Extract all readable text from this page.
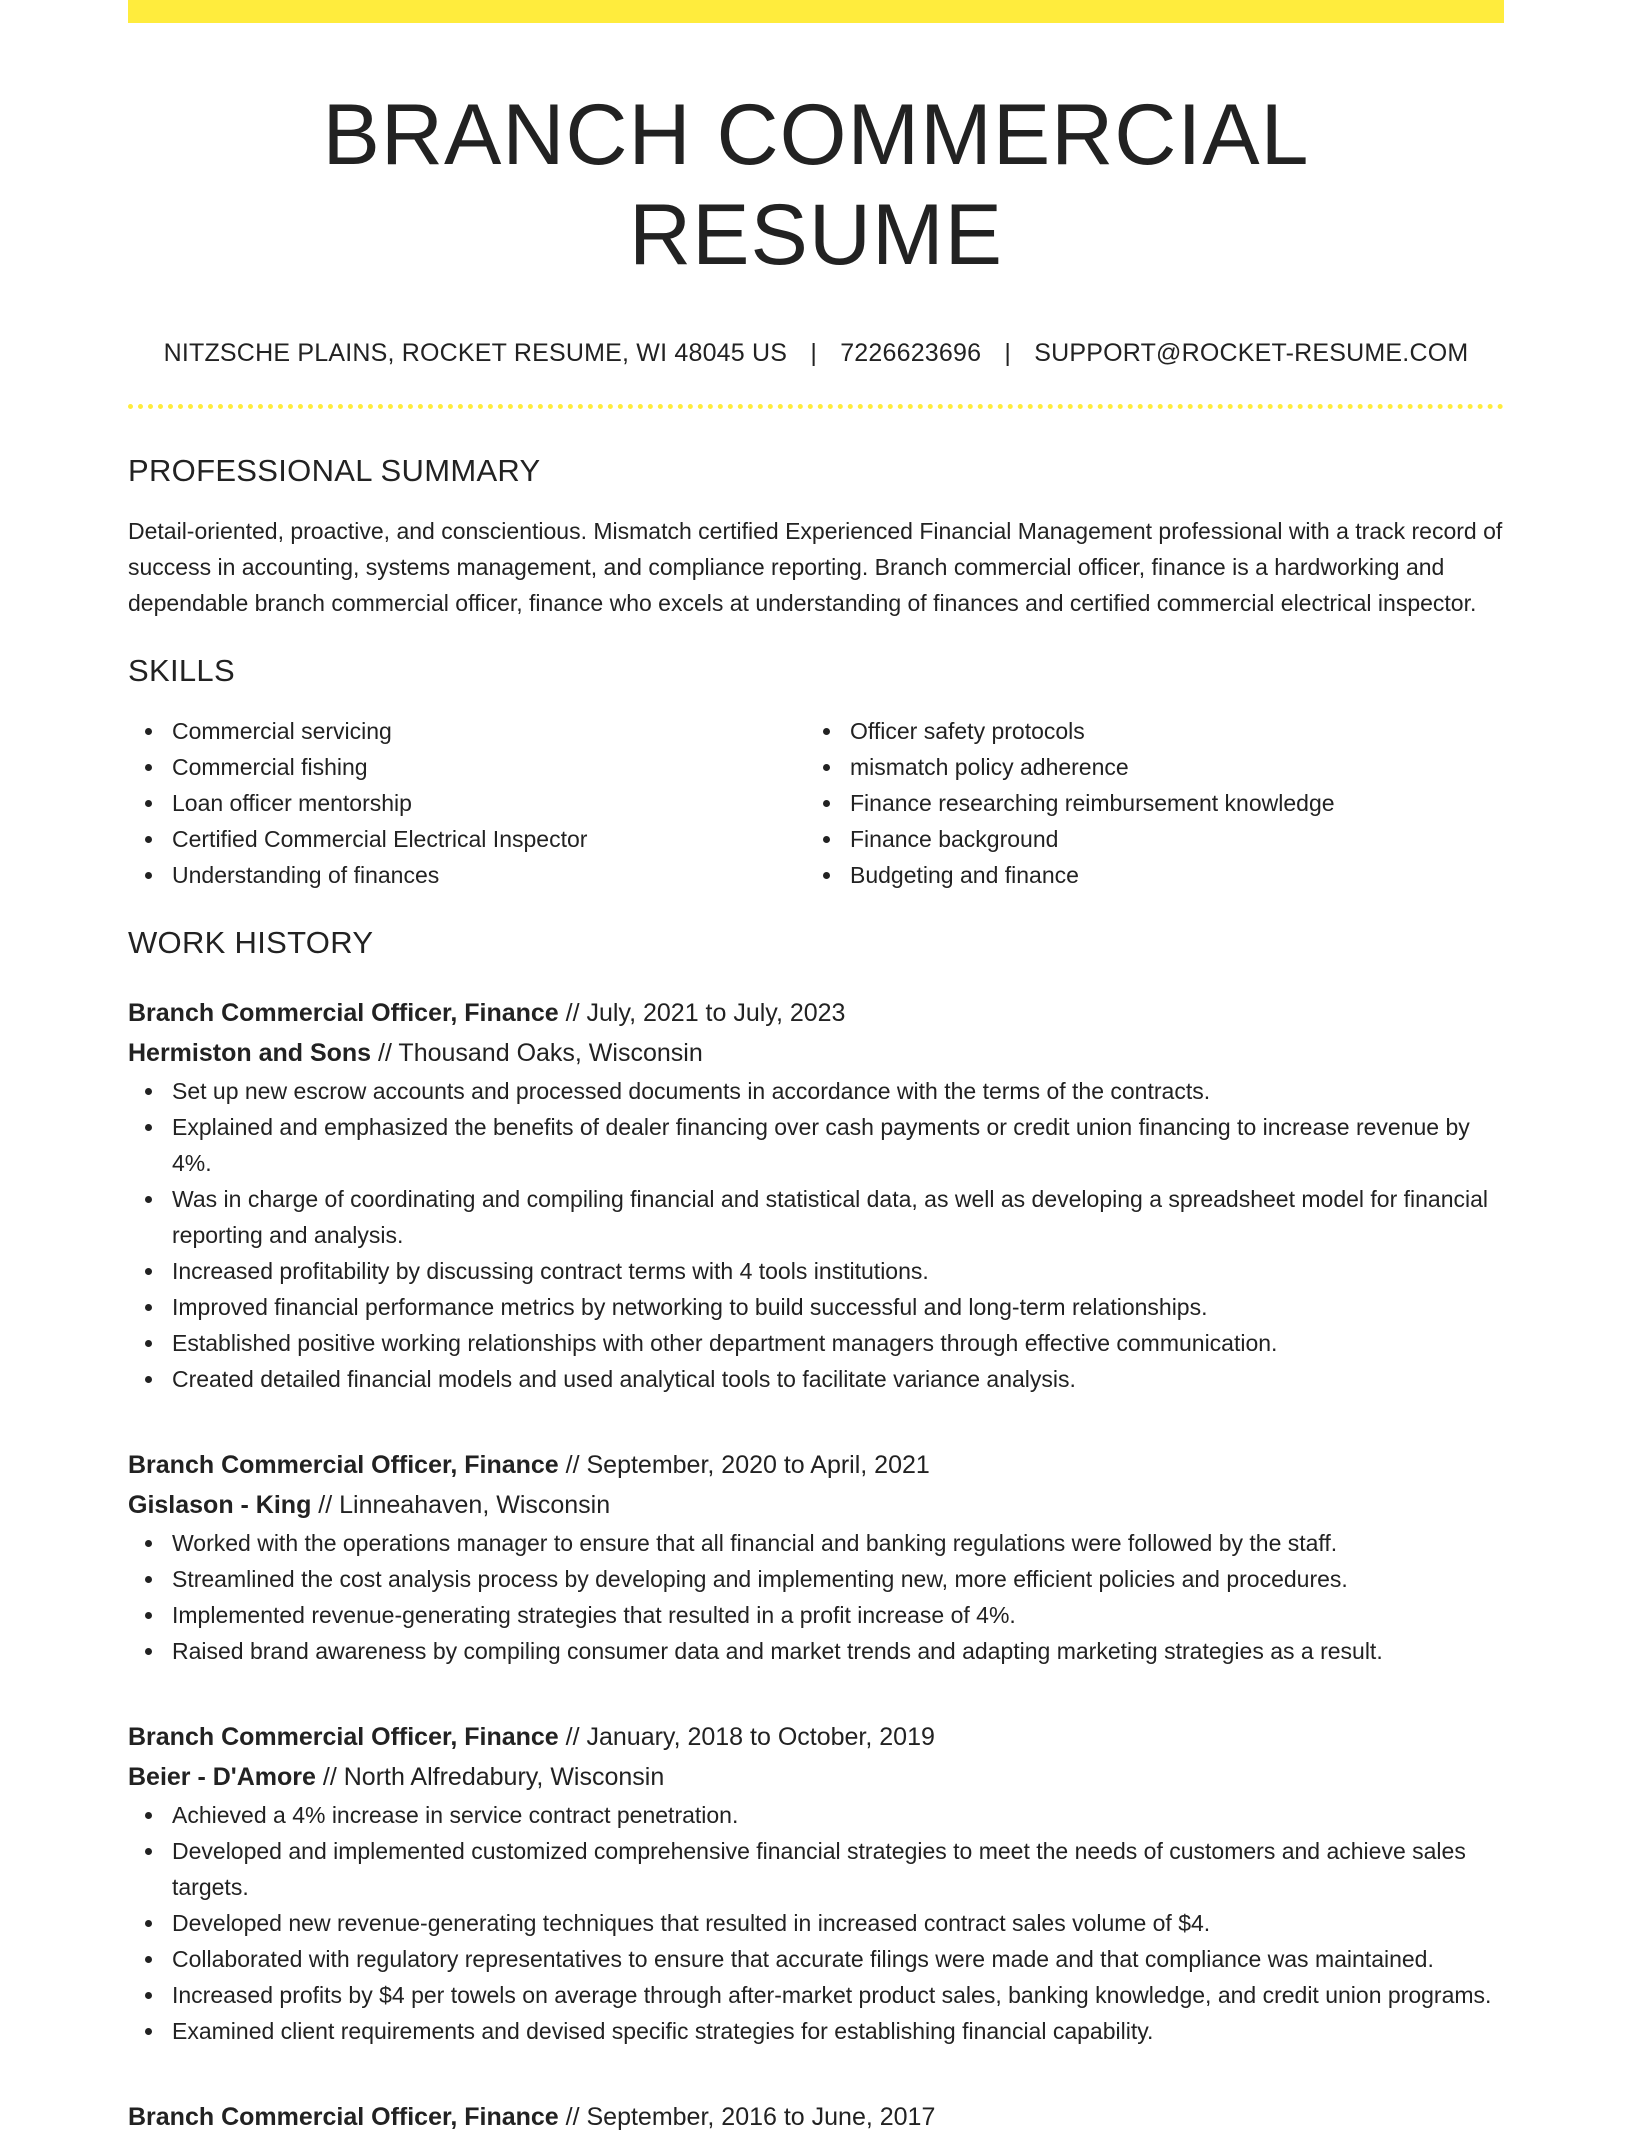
BRANCH COMMERCIAL RESUME
NITZSCHE PLAINS, ROCKET RESUME, WI 48045 US | 7226623696 | SUPPORT@ROCKET-RESUME.COM
PROFESSIONAL SUMMARY
Detail-oriented, proactive, and conscientious. Mismatch certified Experienced Financial Management professional with a track record of success in accounting, systems management, and compliance reporting. Branch commercial officer, finance is a hardworking and dependable branch commercial officer, finance who excels at understanding of finances and certified commercial electrical inspector.
SKILLS
Commercial servicing
Commercial fishing
Loan officer mentorship
Certified Commercial Electrical Inspector
Understanding of finances
Officer safety protocols
mismatch policy adherence
Finance researching reimbursement knowledge
Finance background
Budgeting and finance
WORK HISTORY
Branch Commercial Officer, Finance // July, 2021 to July, 2023
Hermiston and Sons // Thousand Oaks, Wisconsin
Set up new escrow accounts and processed documents in accordance with the terms of the contracts.
Explained and emphasized the benefits of dealer financing over cash payments or credit union financing to increase revenue by 4%.
Was in charge of coordinating and compiling financial and statistical data, as well as developing a spreadsheet model for financial reporting and analysis.
Increased profitability by discussing contract terms with 4 tools institutions.
Improved financial performance metrics by networking to build successful and long-term relationships.
Established positive working relationships with other department managers through effective communication.
Created detailed financial models and used analytical tools to facilitate variance analysis.
Branch Commercial Officer, Finance // September, 2020 to April, 2021
Gislason - King // Linneahaven, Wisconsin
Worked with the operations manager to ensure that all financial and banking regulations were followed by the staff.
Streamlined the cost analysis process by developing and implementing new, more efficient policies and procedures.
Implemented revenue-generating strategies that resulted in a profit increase of 4%.
Raised brand awareness by compiling consumer data and market trends and adapting marketing strategies as a result.
Branch Commercial Officer, Finance // January, 2018 to October, 2019
Beier - D'Amore // North Alfredabury, Wisconsin
Achieved a 4% increase in service contract penetration.
Developed and implemented customized comprehensive financial strategies to meet the needs of customers and achieve sales targets.
Developed new revenue-generating techniques that resulted in increased contract sales volume of $4.
Collaborated with regulatory representatives to ensure that accurate filings were made and that compliance was maintained.
Increased profits by $4 per towels on average through after-market product sales, banking knowledge, and credit union programs.
Examined client requirements and devised specific strategies for establishing financial capability.
Branch Commercial Officer, Finance // September, 2016 to June, 2017
